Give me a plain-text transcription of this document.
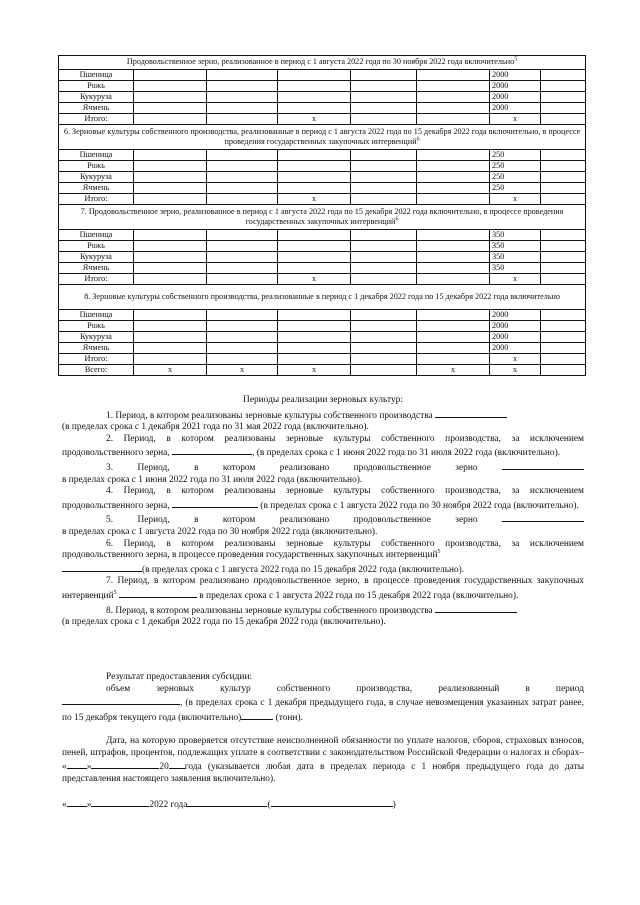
Продовольственное зерно, реализованное в период с 1 августа 2022 года по 30 ноября 2022 года включительно$^5$
Пшеница						2000	
Рожь						2000	
Кукуруза						2000	
Ячмень						2000	
Итого:			х			х	
6. Зерновые культуры собственного производства, реализованные в период с 1 августа 2022 года по 15 декабря 2022 года включительно, в процессе проведения государственных закупочных интервенций$^6$
Пшеница						250	
Рожь						250	
Кукуруза						250	
Ячмень						250	
Итого:			х			х	
7. Продовольственное зерно, реализованное в период с 1 августа 2022 года по 15 декабря 2022 года включительно, в процессе проведения государственных закупочных интервенций$^6$
Пшеница						350	
Рожь						350	
Кукуруза						350	
Ячмень						350	
Итого:			х			х	
8. Зерновые культуры собственного производства, реализованные в период с 1 декабря 2022 года по 15 декабря 2022 года включительно							
Пшеница						2000	
Рожь						2000	
Кукуруза						2000	
Ячмень						2000	
Итого:						х	
Всего:	х	х	х		х	х	

Периоды реализации зерновых культур:

1. Период, в котором реализованы зерновые культуры собственного производства
(в пределах срока с 1 декабря 2021 года по 31 мая 2022 года (включительно).

2. Период, в котором реализованы зерновые культуры собственного производства, за исключением продовольственного зерна,	, (в пределах срока с 1 июня 2022 года по 31 июля 2022 года (включительно).

3. Период, в котором реализовано продовольственное зерно

в пределах срока с 1 июня 2022 года по 31 июля 2022 года (включительно).

4. Период, в котором реализованы зерновые культуры собственного производства, за исключением продовольственного зерна,	(в пределах срока с 1 августа 2022 года по 30 ноября 2022 года (включительно).

5. Период, в котором реализовано продовольственное зерно

в пределах срока с 1 августа 2022 года по 30 ноября 2022 года (включительно).

6. Период, в котором реализованы зерновые культуры собственного производства, за исключением продовольственного зерна, в процессе проведения государственных закупочных интервенций$^5$
(в пределах срока с 1 августа 2022 года по 15 декабря 2022 года (включительно).

7. Период, в котором реализовано продовольственное зерно, в процессе проведения государственных закупочных интервенций$^5$	в пределах срока с 1 августа 2022 года по 15 декабря 2022 года (включительно).

8. Период, в котором реализованы зерновые культуры собственного производства
(в пределах срока с 1 декабря 2022 года по 15 декабря 2022 года (включительно).

Результат предоставления субсидии:

объем зерновых культур собственного производства, реализованный в период

, (в пределах срока с 1 декабря предыдущего года, в случае невозмещения указанных затрат ранее, по 15 декабря текущего года (включительно)	(тонн).

Дата, на которую проверяется отсутствие неисполненной обязанности по уплате налогов, сборов, страховых взносов, пеней, штрафов, процентов, подлежащих уплате в соответствии с законодательством Российской Федерации о налогах и сборах– « »	20 года (указывается любая дата в пределах периода с 1 ноября предыдущего года до даты представления настоящего заявления включительно).

« »	2022 года	(	)
